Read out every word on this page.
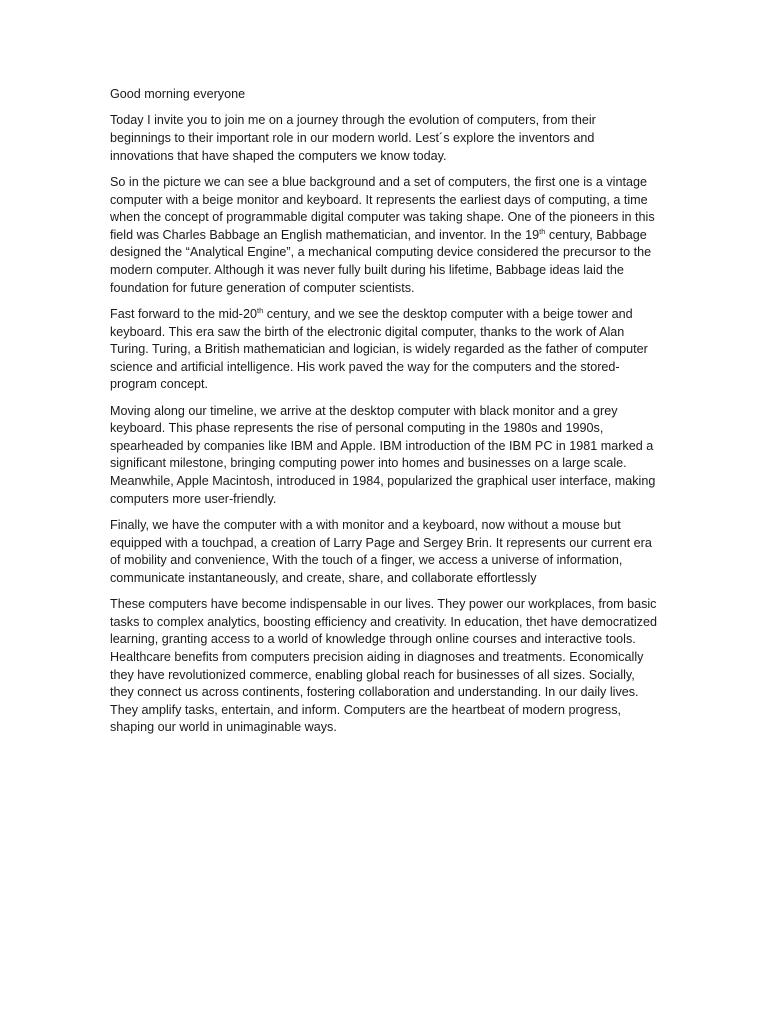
Good morning everyone

Today I invite you to join me on a journey through the evolution of computers, from their beginnings to their important role in our modern world. Lest´s explore the inventors and innovations that have shaped the computers we know today.

So in the picture we can see a blue background and a set of computers, the first one is a vintage computer with a beige monitor and keyboard. It represents the earliest days of computing, a time when the concept of programmable digital computer was taking shape. One of the pioneers in this field was Charles Babbage an English mathematician, and inventor. In the 19th century, Babbage designed the “Analytical Engine”, a mechanical computing device considered the precursor to the modern computer. Although it was never fully built during his lifetime, Babbage ideas laid the foundation for future generation of computer scientists.

Fast forward to the mid-20th century, and we see the desktop computer with a beige tower and keyboard. This era saw the birth of the electronic digital computer, thanks to the work of Alan Turing. Turing, a British mathematician and logician, is widely regarded as the father of computer science and artificial intelligence. His work paved the way for the computers and the stored-program concept.

Moving along our timeline, we arrive at the desktop computer with black monitor and a grey keyboard. This phase represents the rise of personal computing in the 1980s and 1990s, spearheaded by companies like IBM and Apple. IBM introduction of the IBM PC in 1981 marked a significant milestone, bringing computing power into homes and businesses on a large scale. Meanwhile, Apple Macintosh, introduced in 1984, popularized the graphical user interface, making computers more user-friendly.

Finally, we have the computer with a with monitor and a keyboard, now without a mouse but equipped with a touchpad, a creation of Larry Page and Sergey Brin. It represents our current era of mobility and convenience, With the touch of a finger, we access a universe of information, communicate instantaneously, and create, share, and collaborate effortlessly

These computers have become indispensable in our lives. They power our workplaces, from basic tasks to complex analytics, boosting efficiency and creativity. In education, thet have democratized learning, granting access to a world of knowledge through online courses and interactive tools. Healthcare benefits from computers precision aiding in diagnoses and treatments. Economically they have revolutionized commerce, enabling global reach for businesses of all sizes. Socially, they connect us across continents, fostering collaboration and understanding. In our daily lives. They amplify tasks, entertain, and inform. Computers are the heartbeat of modern progress, shaping our world in unimaginable ways.
